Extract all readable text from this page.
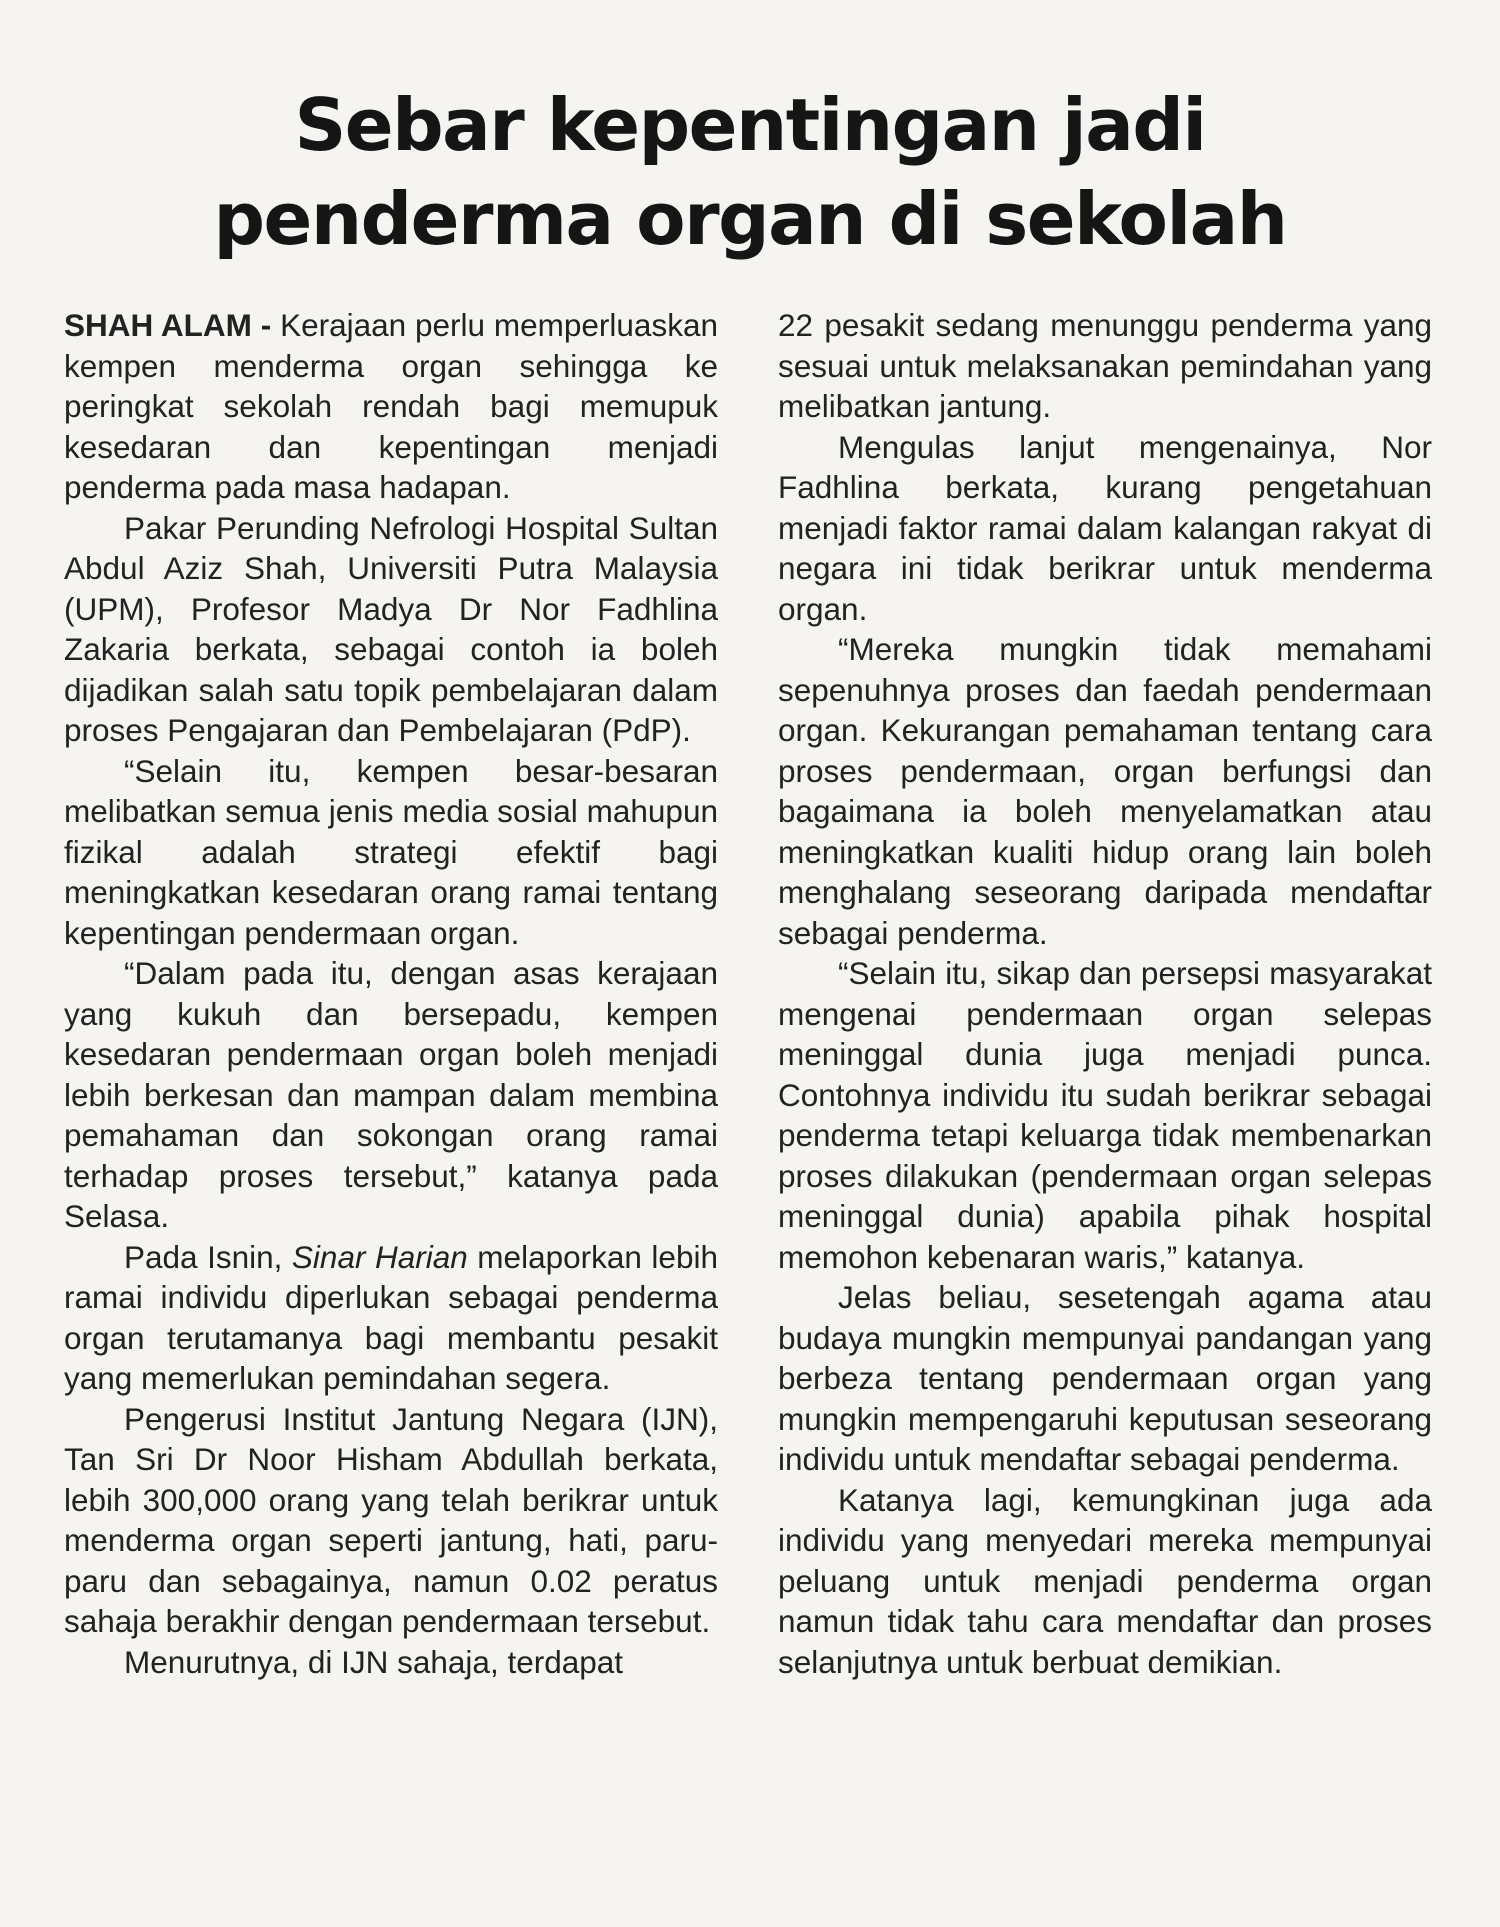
Sebar kepentingan jadi
penderma organ di sekolah

SHAH ALAM - Kerajaan perlu memperluaskan kempen menderma organ sehingga ke peringkat sekolah rendah bagi memupuk kesedaran dan kepentingan menjadi penderma pada masa hadapan.

Pakar Perunding Nefrologi Hospital Sultan Abdul Aziz Shah, Universiti Putra Malaysia (UPM), Profesor Madya Dr Nor Fadhlina Zakaria berkata, sebagai contoh ia boleh dijadikan salah satu topik pembelajaran dalam proses Pengajaran dan Pembelajaran (PdP).

“Selain itu, kempen besar-besaran melibatkan semua jenis media sosial mahupun fizikal adalah strategi efektif bagi meningkatkan kesedaran orang ramai tentang kepentingan pendermaan organ.

“Dalam pada itu, dengan asas kerajaan yang kukuh dan bersepadu, kempen kesedaran pendermaan organ boleh menjadi lebih berkesan dan mampan dalam membina pemahaman dan sokongan orang ramai terhadap proses tersebut,” katanya pada Selasa.

Pada Isnin, Sinar Harian melaporkan lebih ramai individu diperlukan sebagai penderma organ terutamanya bagi membantu pesakit yang memerlukan pemindahan segera.

Pengerusi Institut Jantung Negara (IJN), Tan Sri Dr Noor Hisham Abdullah berkata, lebih 300,000 orang yang telah berikrar untuk menderma organ seperti jantung, hati, paru-paru dan sebagainya, namun 0.02 peratus sahaja berakhir dengan pendermaan tersebut.

Menurutnya, di IJN sahaja, terdapat

22 pesakit sedang menunggu penderma yang sesuai untuk melaksanakan pemindahan yang melibatkan jantung.

Mengulas lanjut mengenainya, Nor Fadhlina berkata, kurang pengetahuan menjadi faktor ramai dalam kalangan rakyat di negara ini tidak berikrar untuk menderma organ.

“Mereka mungkin tidak memahami sepenuhnya proses dan faedah pendermaan organ. Kekurangan pemahaman tentang cara proses pendermaan, organ berfungsi dan bagaimana ia boleh menyelamatkan atau meningkatkan kualiti hidup orang lain boleh menghalang seseorang daripada mendaftar sebagai penderma.

“Selain itu, sikap dan persepsi masyarakat mengenai pendermaan organ selepas meninggal dunia juga menjadi punca. Contohnya individu itu sudah berikrar sebagai penderma tetapi keluarga tidak membenarkan proses dilakukan (pendermaan organ selepas meninggal dunia) apabila pihak hospital memohon kebenaran waris,” katanya.

Jelas beliau, sesetengah agama atau budaya mungkin mempunyai pandangan yang berbeza tentang pendermaan organ yang mungkin mempengaruhi keputusan seseorang individu untuk mendaftar sebagai penderma.

Katanya lagi, kemungkinan juga ada individu yang menyedari mereka mempunyai peluang untuk menjadi penderma organ namun tidak tahu cara mendaftar dan proses selanjutnya untuk berbuat demikian.
